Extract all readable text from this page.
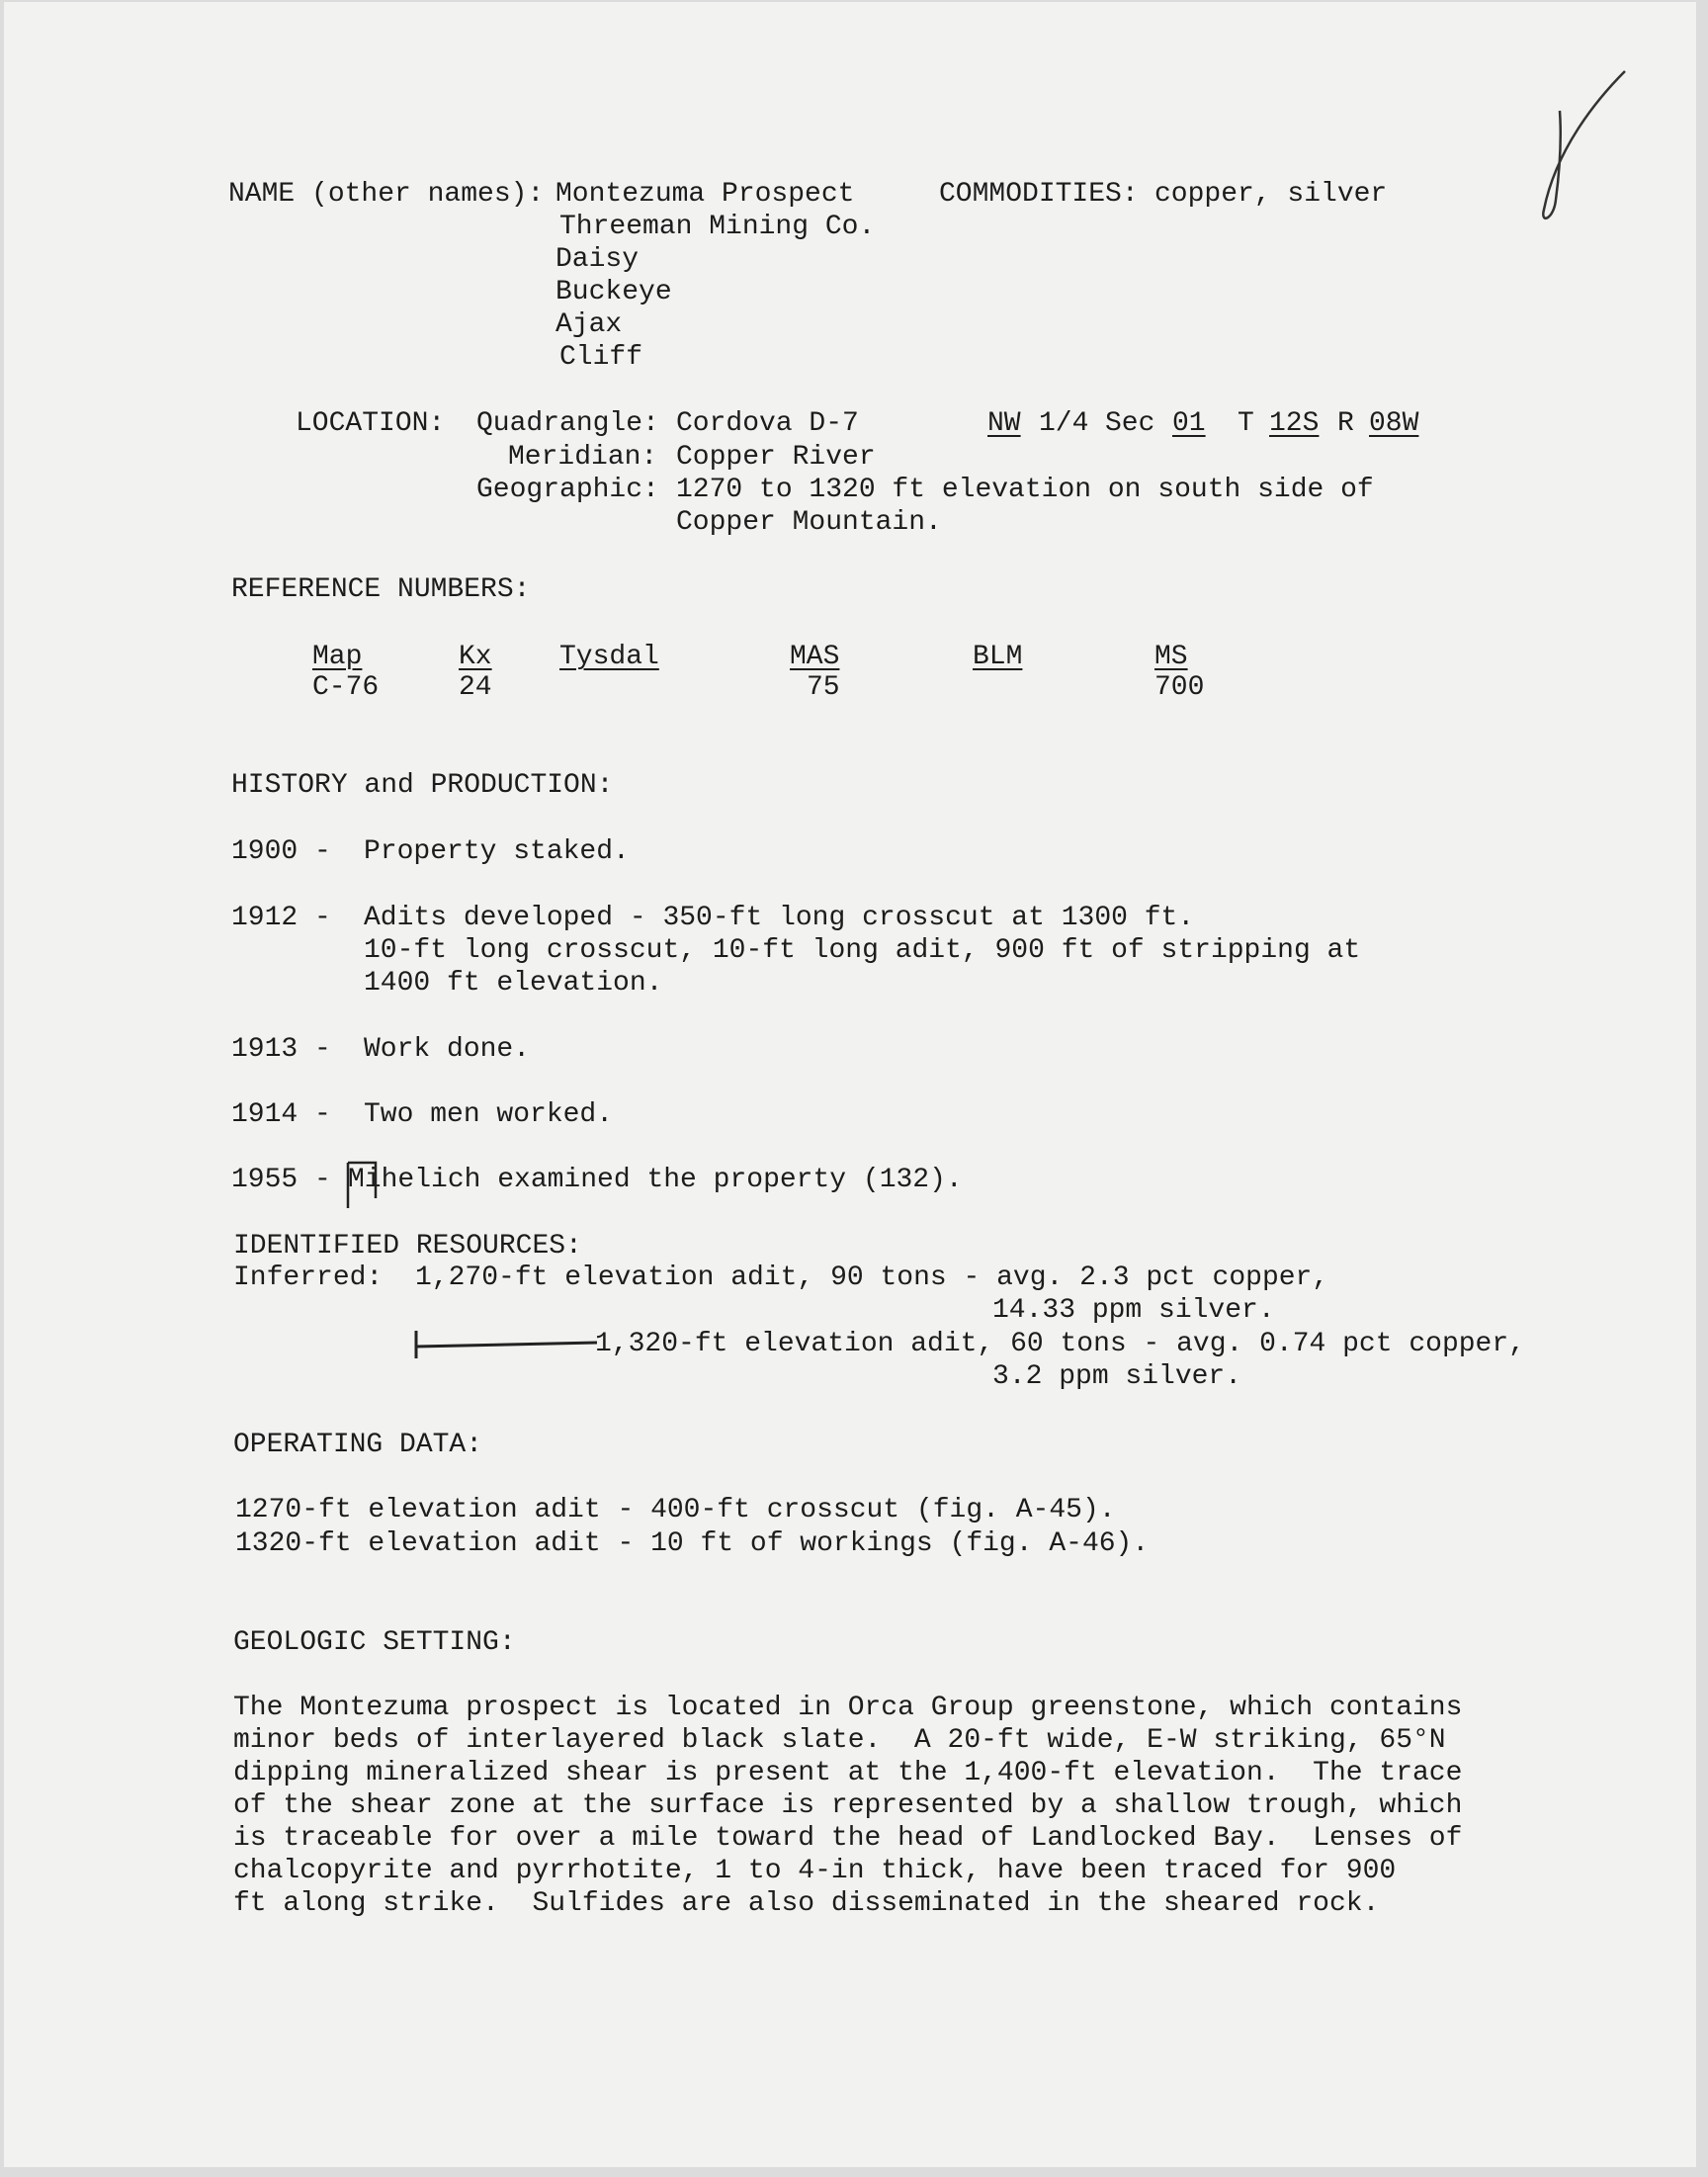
NAME (other names): Montezuma Prospect
Threeman Mining Co.
Daisy
Buckeye
Ajax
Cliff
COMMODITIES: copper, silver
LOCATION: Quadrangle: Cordova D-7
Meridian: Copper River
Geographic: 1270 to 1320 ft elevation on south side of
Copper Mountain.
NW 1/4 Sec 01 T 12S R 08W
REFERENCE NUMBERS:
Map
C-76
Kx
24
Tysdal	MAS
75
BLM	MS
700
HISTORY and PRODUCTION:
1900 - Property staked.
1912 - Adits developed - 350-ft long crosscut at 1300 ft.
10-ft long crosscut, 10-ft long adit, 900 ft of stripping at
1400 ft elevation.
1913 - Work done.
1914 - Two men worked.
1955 - Mihelich examined the property (132).
IDENTIFIED RESOURCES:
Inferred: 1,270-ft elevation adit, 90 tons - avg. 2.3 pct copper,
14.33 ppm silver.
1,320-ft elevation adit, 60 tons - avg. 0.74 pct copper,
3.2 ppm silver.
OPERATING DATA:
1270-ft elevation adit - 400-ft crosscut (fig. A-45).
1320-ft elevation adit - 10 ft of workings (fig. A-46).
GEOLOGIC SETTING:
The Montezuma prospect is located in Orca Group greenstone, which contains
minor beds of interlayered black slate.  A 20-ft wide, E-W striking, 65°N
dipping mineralized shear is present at the 1,400-ft elevation.  The trace
of the shear zone at the surface is represented by a shallow trough, which
is traceable for over a mile toward the head of Landlocked Bay.  Lenses of
chalcopyrite and pyrrhotite, 1 to 4-in thick, have been traced for 900
ft along strike.  Sulfides are also disseminated in the sheared rock.
